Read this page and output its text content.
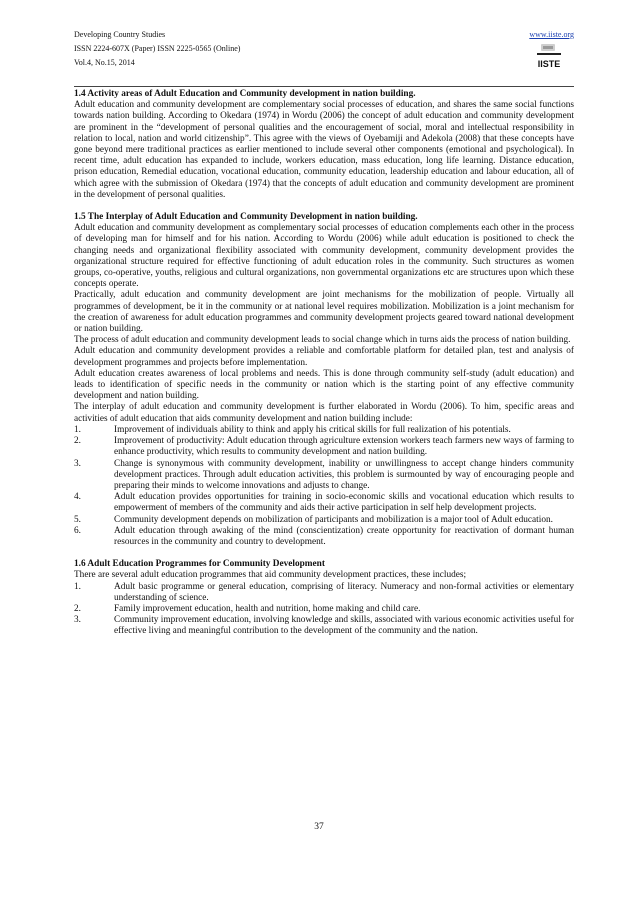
Developing Country Studies
ISSN 2224-607X (Paper) ISSN 2225-0565 (Online)
Vol.4, No.15, 2014
www.iiste.org
IISTE
1.4 Activity areas of Adult Education and Community development in nation building.

Adult education and community development are complementary social processes of education, and shares the same social functions towards nation building. According to Okedara (1974) in Wordu (2006) the concept of adult education and community development are prominent in the “development of personal qualities and the encouragement of social, moral and intellectual responsibility in relation to local, nation and world citizenship”. This agree with the views of Oyebamiji and Adekola (2008) that these concepts have gone beyond mere traditional practices as earlier mentioned to include several other components (emotional and psychological). In recent time, adult education has expanded to include, workers education, mass education, long life learning. Distance education, prison education, Remedial education, vocational education, community education, leadership education and labour education, all of which agree with the submission of Okedara (1974) that the concepts of adult education and community development are prominent in the development of personal qualities.

1.5 The Interplay of Adult Education and Community Development in nation building.

Adult education and community development as complementary social processes of education complements each other in the process of developing man for himself and for his nation. According to Wordu (2006) while adult education is positioned to check the changing needs and organizational flexibility associated with community development, community development provides the organizational structure required for effective functioning of adult education roles in the community. Such structures as women groups, co-operative, youths, religious and cultural organizations, non governmental organizations etc are structures upon which these concepts operate.

Practically, adult education and community development are joint mechanisms for the mobilization of people. Virtually all programmes of development, be it in the community or at national level requires mobilization. Mobilization is a joint mechanism for the creation of awareness for adult education programmes and community development projects geared toward national development or nation building.

The process of adult education and community development leads to social change which in turns aids the process of nation building.

Adult education and community development provides a reliable and comfortable platform for detailed plan, test and analysis of development programmes and projects before implementation.

Adult education creates awareness of local problems and needs. This is done through community self-study (adult education) and leads to identification of specific needs in the community or nation which is the starting point of any effective community development and nation building.

The interplay of adult education and community development is further elaborated in Wordu (2006). To him, specific areas and activities of adult education that aids community development and nation building include:

1.	Improvement of individuals ability to think and apply his critical skills for full realization of his potentials.
2.	Improvement of productivity: Adult education through agriculture extension workers teach farmers new ways of farming to enhance productivity, which results to community development and nation building.
3.	Change is synonymous with community development, inability or unwillingness to accept change hinders community development practices. Through adult education activities, this problem is surmounted by way of encouraging people and preparing their minds to welcome innovations and adjusts to change.
4.	Adult education provides opportunities for training in socio-economic skills and vocational education which results to empowerment of members of the community and aids their active participation in self help development projects.
5.	Community development depends on mobilization of participants and mobilization is a major tool of Adult education.
6.	Adult education through awaking of the mind (conscientization) create opportunity for reactivation of dormant human resources in the community and country to development.
1.6 Adult Education Programmes for Community Development

There are several adult education programmes that aid community development practices, these includes;

1.	Adult basic programme or general education, comprising of literacy. Numeracy and non-formal activities or elementary understanding of science.
2.	Family improvement education, health and nutrition, home making and child care.
3.	Community improvement education, involving knowledge and skills, associated with various economic activities useful for effective living and meaningful contribution to the development of the community and the nation.
37
